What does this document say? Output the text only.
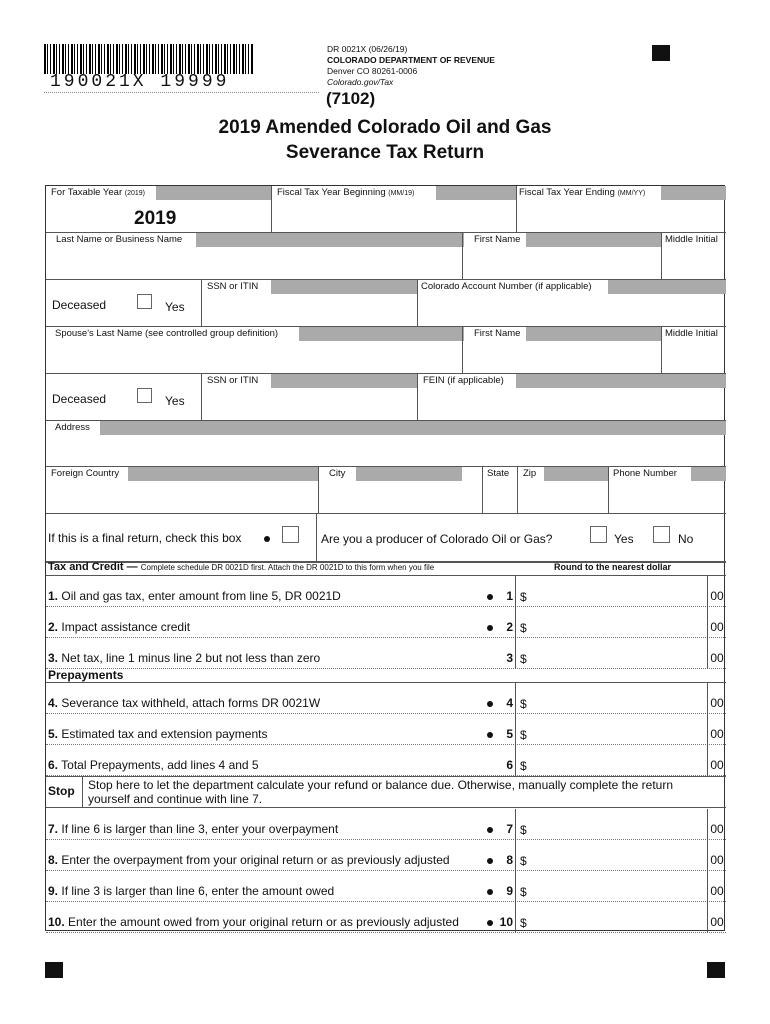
190021X 19999
DR 0021X (06/26/19)
COLORADO DEPARTMENT OF REVENUE
Denver CO 80261-0006
Colorado.gov/Tax
(7102)
2019 Amended Colorado Oil and Gas
Severance Tax Return
For Taxable Year (2019)	Fiscal Tax Year Beginning (MM/19)	Fiscal Tax Year Ending (MM/YY)
2019
Last Name or Business Name	First Name	Middle Initial
SSN or ITIN	Colorado Account Number (if applicable)
Deceased	Yes
Spouse's Last Name (see controlled group definition)	First Name	Middle Initial
SSN or ITIN	FEIN (if applicable)
Deceased	Yes
Address
Foreign Country	City	State	Zip	Phone Number
If this is a final return, check this box	Are you a producer of Colorado Oil or Gas?	Yes	No
Tax and Credit — Complete schedule DR 0021D first. Attach the DR 0021D to this form when you file	Round to the nearest dollar
1. Oil and gas tax, enter amount from line 5, DR 0021D	1 $	00
2. Impact assistance credit	2 $	00
3. Net tax, line 1 minus line 2 but not less than zero	3 $	00
Prepayments
4. Severance tax withheld, attach forms DR 0021W	4 $	00
5. Estimated tax and extension payments	5 $	00
6. Total Prepayments, add lines 4 and 5	6 $	00
Stop	Stop here to let the department calculate your refund or balance due. Otherwise, manually complete the return
yourself and continue with line 7.
7. If line 6 is larger than line 3, enter your overpayment	7 $	00
8. Enter the overpayment from your original return or as previously adjusted	8 $	00
9. If line 3 is larger than line 6, enter the amount owed	9 $	00
10. Enter the amount owed from your original return or as previously adjusted	10 $	00
